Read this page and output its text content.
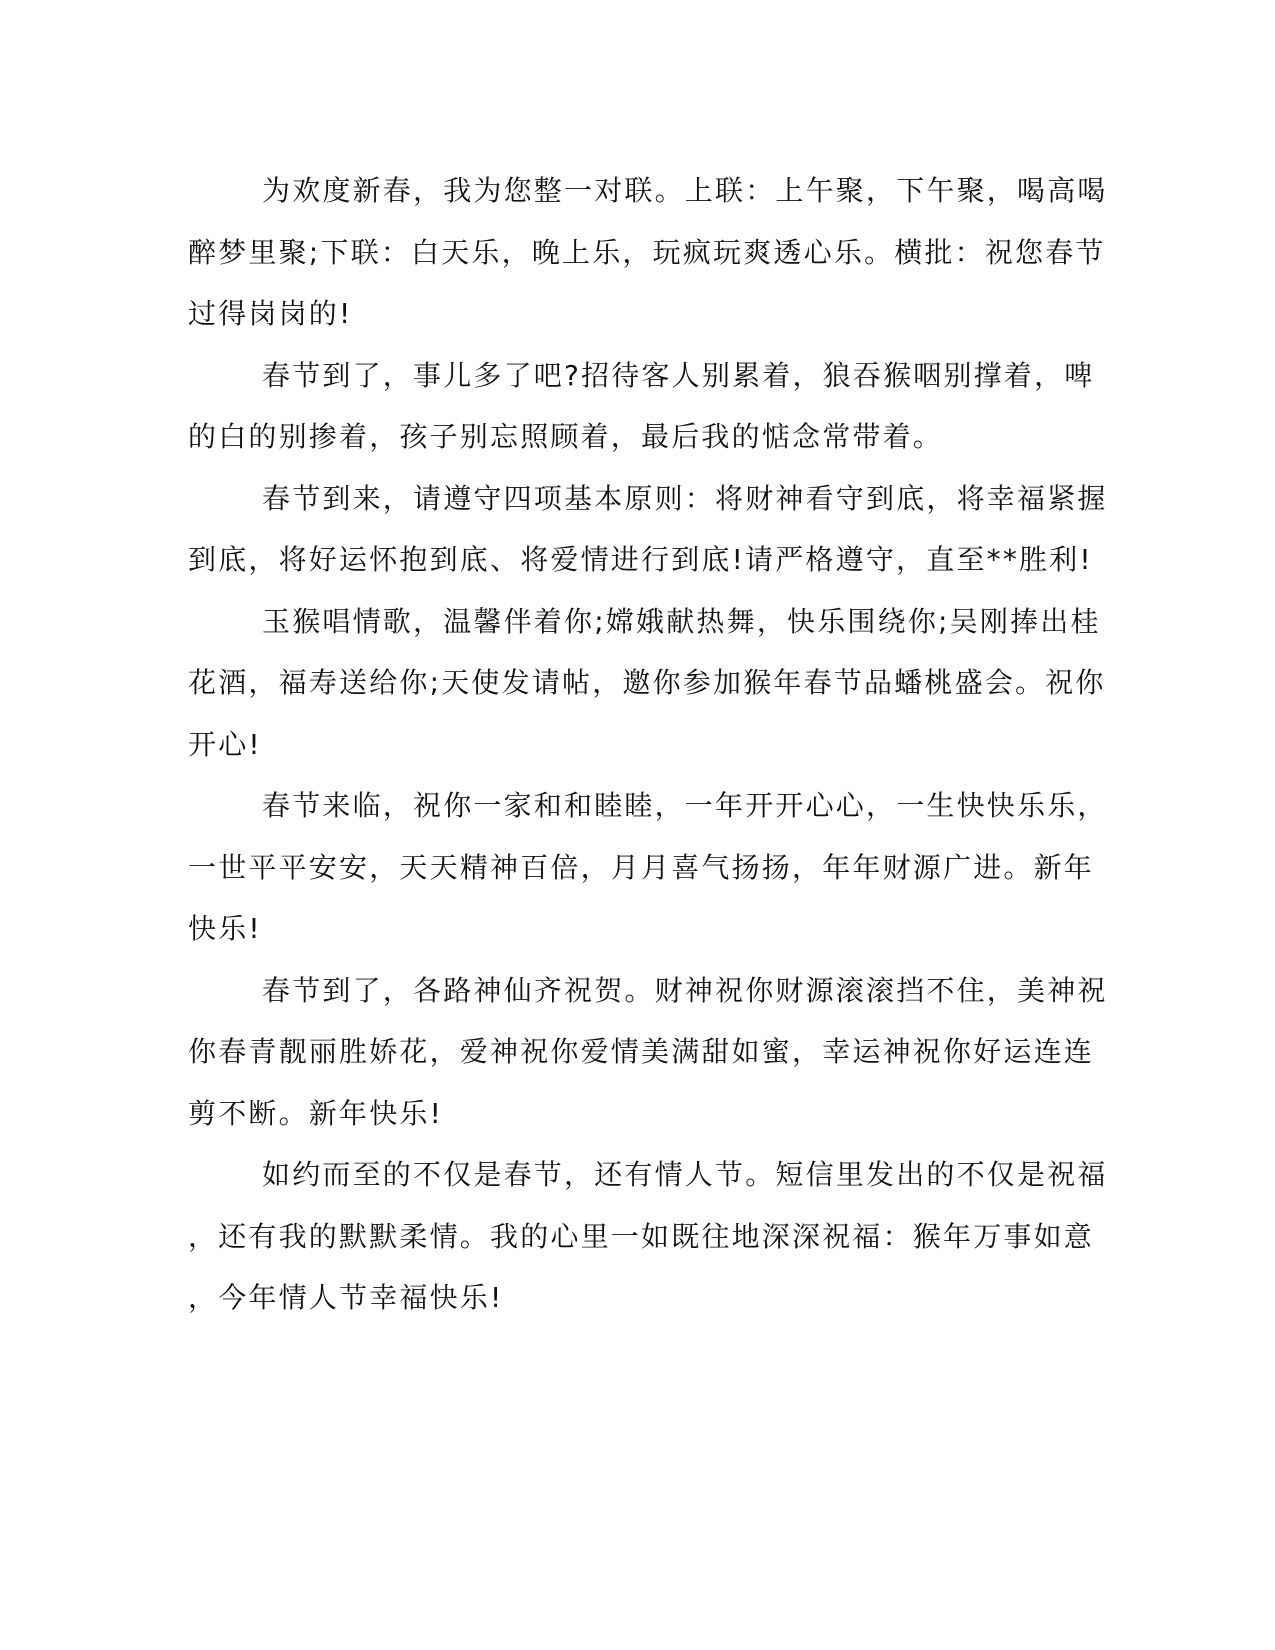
为欢度新春，我为您整一对联。上联：上午聚，下午聚，喝高喝
醉梦里聚;下联：白天乐，晚上乐，玩疯玩爽透心乐。横批：祝您春节
过得岗岗的!
春节到了，事儿多了吧?招待客人别累着，狼吞猴咽别撑着，啤
的白的别掺着，孩子别忘照顾着，最后我的惦念常带着。
春节到来，请遵守四项基本原则：将财神看守到底，将幸福紧握
到底，将好运怀抱到底、将爱情进行到底!请严格遵守，直至**胜利!
玉猴唱情歌，温馨伴着你;嫦娥献热舞，快乐围绕你;吴刚捧出桂
花酒，福寿送给你;天使发请帖，邀你参加猴年春节品蟠桃盛会。祝你
开心!
春节来临，祝你一家和和睦睦，一年开开心心，一生快快乐乐，
一世平平安安，天天精神百倍，月月喜气扬扬，年年财源广进。新年
快乐!
春节到了，各路神仙齐祝贺。财神祝你财源滚滚挡不住，美神祝
你春青靓丽胜娇花，爱神祝你爱情美满甜如蜜，幸运神祝你好运连连
剪不断。新年快乐!
如约而至的不仅是春节，还有情人节。短信里发出的不仅是祝福
，还有我的默默柔情。我的心里一如既往地深深祝福：猴年万事如意
，今年情人节幸福快乐!
